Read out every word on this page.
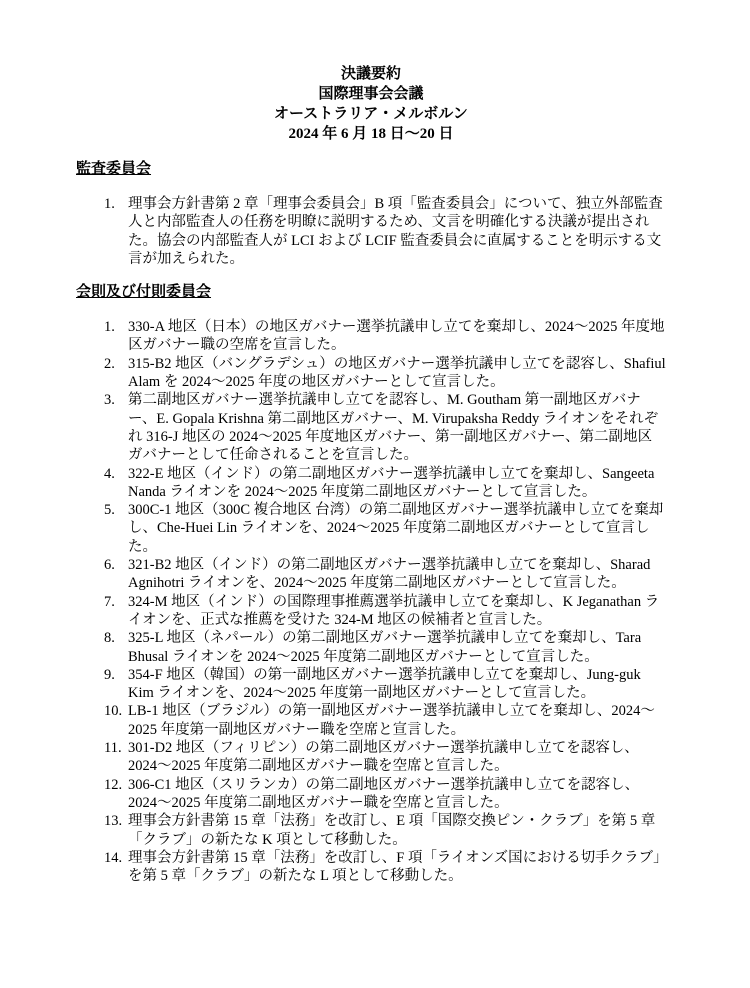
決議要約
国際理事会会議
オーストラリア・メルボルン
2024 年 6 月 18 日～20 日
監査委員会
理事会方針書第 2 章「理事会委員会」B 項「監査委員会」について、独立外部監査人と内部監査人の任務を明瞭に説明するため、文言を明確化する決議が提出された。協会の内部監査人が LCI および LCIF 監査委員会に直属することを明示する文言が加えられた。
会則及び付則委員会
330-A 地区（日本）の地区ガバナー選挙抗議申し立てを棄却し、2024～2025 年度地区ガバナー職の空席を宣言した。
315-B2 地区（バングラデシュ）の地区ガバナー選挙抗議申し立てを認容し、Shafiul Alam を 2024～2025 年度の地区ガバナーとして宣言した。
第二副地区ガバナー選挙抗議申し立てを認容し、M. Goutham 第一副地区ガバナー、E. Gopala Krishna 第二副地区ガバナー、M. Virupaksha Reddy ライオンをそれぞれ 316-J 地区の 2024～2025 年度地区ガバナー、第一副地区ガバナー、第二副地区ガバナーとして任命されることを宣言した。
322-E 地区（インド）の第二副地区ガバナー選挙抗議申し立てを棄却し、Sangeeta Nanda ライオンを 2024～2025 年度第二副地区ガバナーとして宣言した。
300C-1 地区（300C 複合地区 台湾）の第二副地区ガバナー選挙抗議申し立てを棄却し、Che-Huei Lin ライオンを、2024～2025 年度第二副地区ガバナーとして宣言した。
321-B2 地区（インド）の第二副地区ガバナー選挙抗議申し立てを棄却し、Sharad Agnihotri ライオンを、2024～2025 年度第二副地区ガバナーとして宣言した。
324-M 地区（インド）の国際理事推薦選挙抗議申し立てを棄却し、K Jeganathan ライオンを、正式な推薦を受けた 324-M 地区の候補者と宣言した。
325-L 地区（ネパール）の第二副地区ガバナー選挙抗議申し立てを棄却し、Tara Bhusal ライオンを 2024～2025 年度第二副地区ガバナーとして宣言した。
354-F 地区（韓国）の第一副地区ガバナー選挙抗議申し立てを棄却し、Jung-guk Kim ライオンを、2024～2025 年度第一副地区ガバナーとして宣言した。
LB-1 地区（ブラジル）の第一副地区ガバナー選挙抗議申し立てを棄却し、2024～2025 年度第一副地区ガバナー職を空席と宣言した。
301-D2 地区（フィリピン）の第二副地区ガバナー選挙抗議申し立てを認容し、2024～2025 年度第二副地区ガバナー職を空席と宣言した。
306-C1 地区（スリランカ）の第二副地区ガバナー選挙抗議申し立てを認容し、2024～2025 年度第二副地区ガバナー職を空席と宣言した。
理事会方針書第 15 章「法務」を改訂し、E 項「国際交換ピン・クラブ」を第 5 章「クラブ」の新たな K 項として移動した。
理事会方針書第 15 章「法務」を改訂し、F 項「ライオンズ国における切手クラブ」を第 5 章「クラブ」の新たな L 項として移動した。
